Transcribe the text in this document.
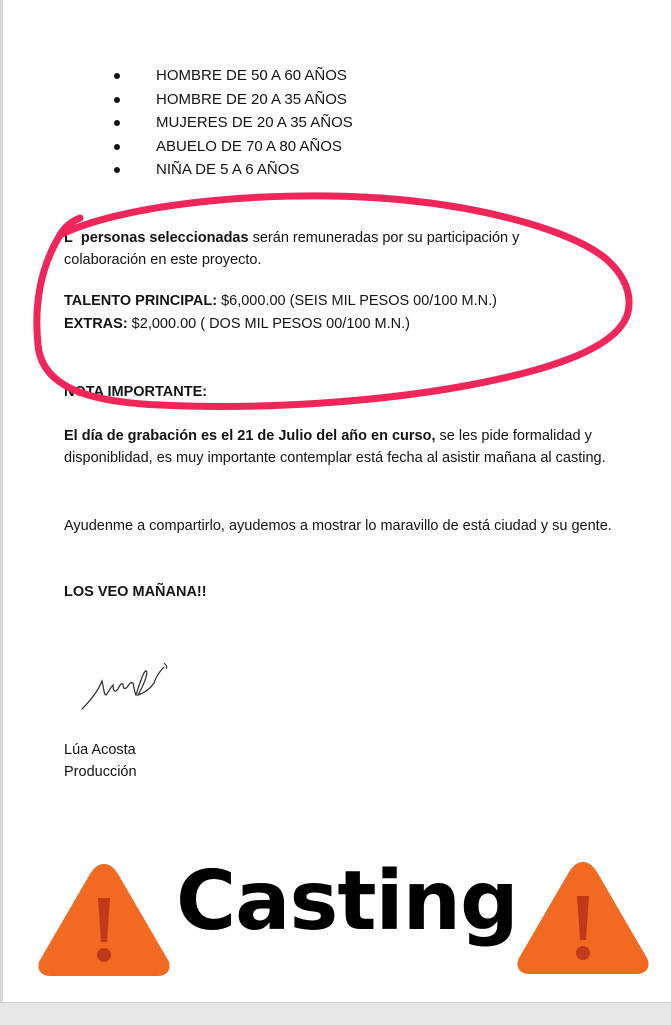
HOMBRE DE 50 A 60 AÑOS
HOMBRE DE 20 A 35 AÑOS
MUJERES DE 20 A 35 AÑOS
ABUELO DE 70 A 80 AÑOS
NIÑA DE 5 A 6 AÑOS

L personas seleccionadas serán remuneradas por su participación y
colaboración en este proyecto.

TALENTO PRINCIPAL: $6,000.00 (SEIS MIL PESOS 00/100 M.N.)

EXTRAS: $2,000.00 ( DOS MIL PESOS 00/100 M.N.)

NOTA IMPORTANTE:

El día de grabación es el 21 de Julio del año en curso, se les pide formalidad y disponiblidad, es muy importante contemplar está fecha al asistir mañana al casting.

Ayudenme a compartirlo, ayudemos a mostrar lo maravillo de está ciudad y su gente.

LOS VEO MAÑANA!!

Lúa Acosta

Producción

Casting
